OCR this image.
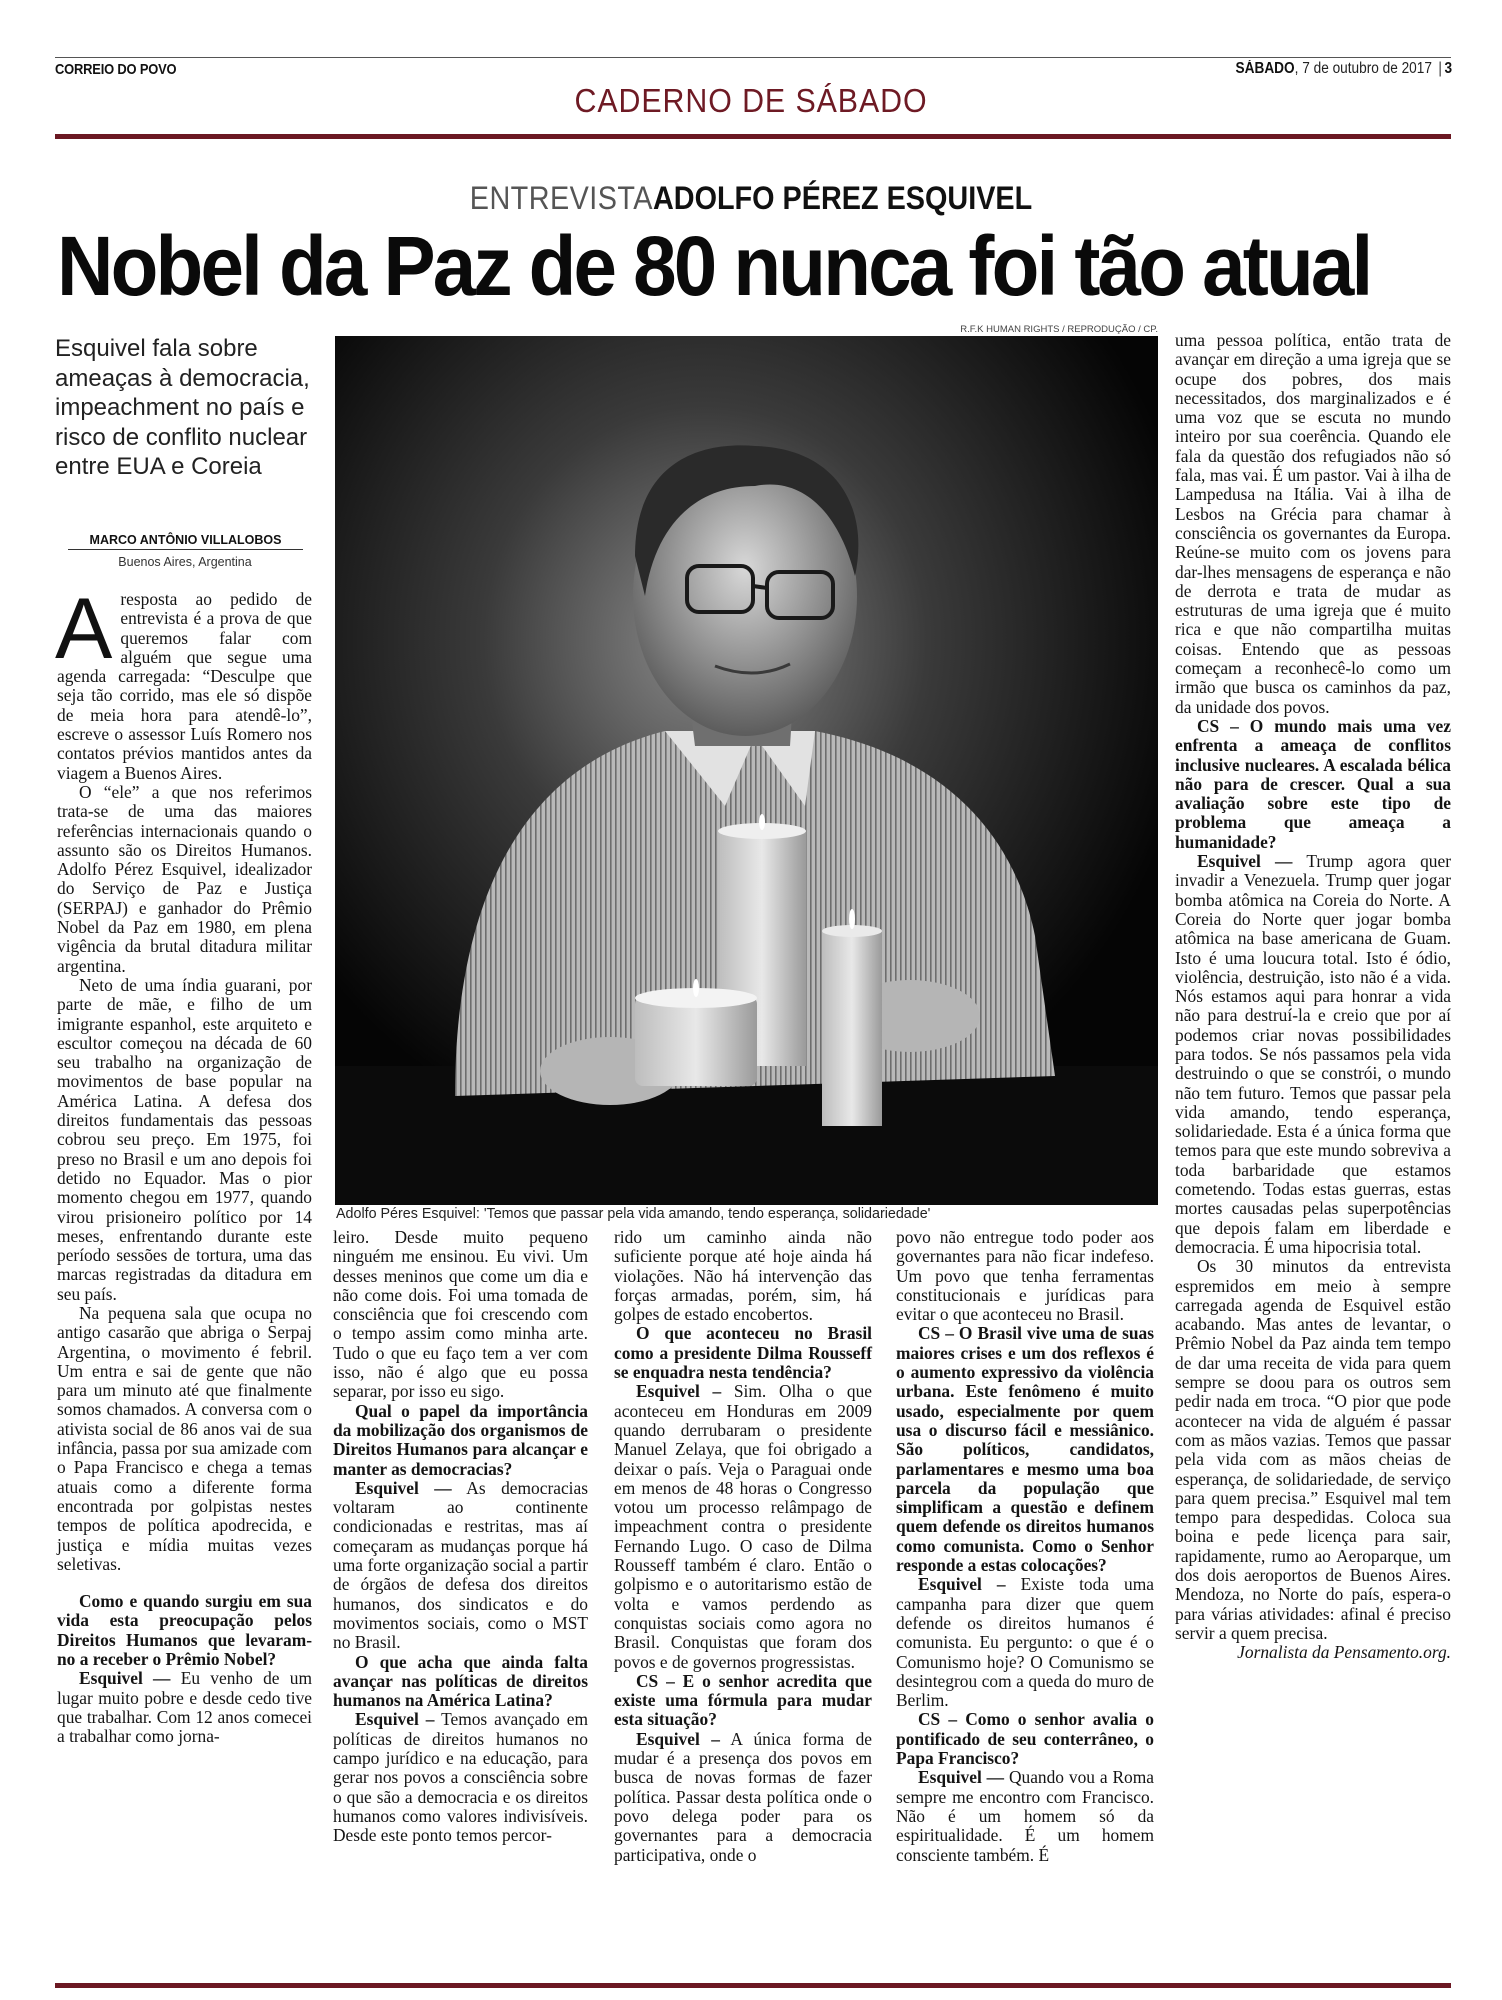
CORREIO DO POVO	SÁBADO, 7 de outubro de 2017 | 3
CADERNO DE SÁBADO
ENTREVISTAADOLFO PÉREZ ESQUIVEL
Nobel da Paz de 80 nunca foi tão atual
Esquivel fala sobre ameaças à democracia, impeachment no país e risco de conflito nuclear entre EUA e Coreia
MARCO ANTÔNIO VILLALOBOS
Buenos Aires, Argentina
R.F.K HUMAN RIGHTS / REPRODUÇÃO / CP.
Adolfo Péres Esquivel: 'Temos que passar pela vida amando, tendo esperança, solidariedade'

Aresposta ao pedido de entrevista é a prova de que queremos falar com alguém que segue uma agenda carregada: “Desculpe que seja tão corrido, mas ele só dispõe de meia hora para atendê-lo”, escreve o assessor Luís Romero nos contatos prévios mantidos antes da viagem a Buenos Aires.

O “ele” a que nos referimos trata-se de uma das maiores referências internacionais quando o assunto são os Direitos Humanos. Adolfo Pérez Esquivel, idealizador do Serviço de Paz e Justiça (SERPAJ) e ganhador do Prêmio Nobel da Paz em 1980, em plena vigência da brutal ditadura militar argentina.

Neto de uma índia guarani, por parte de mãe, e filho de um imigrante espanhol, este arquiteto e escultor começou na década de 60 seu trabalho na organização de movimentos de base popular na América Latina. A defesa dos direitos fundamentais das pessoas cobrou seu preço. Em 1975, foi preso no Brasil e um ano depois foi detido no Equador. Mas o pior momento chegou em 1977, quando virou prisioneiro político por 14 meses, enfrentando durante este período sessões de tortura, uma das marcas registradas da ditadura em seu país.

Na pequena sala que ocupa no antigo casarão que abriga o Serpaj Argentina, o movimento é febril. Um entra e sai de gente que não para um minuto até que finalmente somos chamados. A conversa com o ativista social de 86 anos vai de sua infância, passa por sua amizade com o Papa Francisco e chega a temas atuais como a diferente forma encontrada por golpistas nestes tempos de política apodrecida, e justiça e mídia muitas vezes seletivas.

Como e quando surgiu em sua vida esta preocupação pelos Direitos Humanos que levaram-no a receber o Prêmio Nobel?

Esquivel — Eu venho de um lugar muito pobre e desde cedo tive que trabalhar. Com 12 anos comecei a trabalhar como jorna-

leiro. Desde muito pequeno ninguém me ensinou. Eu vivi. Um desses meninos que come um dia e não come dois. Foi uma tomada de consciência que foi crescendo com o tempo assim como minha arte. Tudo o que eu faço tem a ver com isso, não é algo que eu possa separar, por isso eu sigo.

Qual o papel da importância da mobilização dos organismos de Direitos Humanos para alcançar e manter as democracias?

Esquivel — As democracias voltaram ao continente condicionadas e restritas, mas aí começaram as mudanças porque há uma forte organização social a partir de órgãos de defesa dos direitos humanos, dos sindicatos e do movimentos sociais, como o MST no Brasil.

O que acha que ainda falta avançar nas políticas de direitos humanos na América Latina?

Esquivel – Temos avançado em políticas de direitos humanos no campo jurídico e na educação, para gerar nos povos a consciência sobre o que são a democracia e os direitos humanos como valores indivisíveis. Desde este ponto temos percor-

rido um caminho ainda não suficiente porque até hoje ainda há violações. Não há intervenção das forças armadas, porém, sim, há golpes de estado encobertos.

O que aconteceu no Brasil como a presidente Dilma Rousseff se enquadra nesta tendência?

Esquivel – Sim. Olha o que aconteceu em Honduras em 2009 quando derrubaram o presidente Manuel Zelaya, que foi obrigado a deixar o país. Veja o Paraguai onde em menos de 48 horas o Congresso votou um processo relâmpago de impeachment contra o presidente Fernando Lugo. O caso de Dilma Rousseff também é claro. Então o golpismo e o autoritarismo estão de volta e vamos perdendo as conquistas sociais como agora no Brasil. Conquistas que foram dos povos e de governos progressistas.

CS – E o senhor acredita que existe uma fórmula para mudar esta situação?

Esquivel – A única forma de mudar é a presença dos povos em busca de novas formas de fazer política. Passar desta política onde o povo delega poder para os governantes para a democracia participativa, onde o

povo não entregue todo poder aos governantes para não ficar indefeso. Um povo que tenha ferramentas constitucionais e jurídicas para evitar o que aconteceu no Brasil.

CS – O Brasil vive uma de suas maiores crises e um dos reflexos é o aumento expressivo da violência urbana. Este fenômeno é muito usado, especialmente por quem usa o discurso fácil e messiânico. São políticos, candidatos, parlamentares e mesmo uma boa parcela da população que simplificam a questão e definem quem defende os direitos humanos como comunista. Como o Senhor responde a estas colocações?

Esquivel – Existe toda uma campanha para dizer que quem defende os direitos humanos é comunista. Eu pergunto: o que é o Comunismo hoje? O Comunismo se desintegrou com a queda do muro de Berlim.

CS – Como o senhor avalia o pontificado de seu conterrâneo, o Papa Francisco?

Esquivel — Quando vou a Roma sempre me encontro com Francisco. Não é um homem só da espiritualidade. É um homem consciente também. É

uma pessoa política, então trata de avançar em direção a uma igreja que se ocupe dos pobres, dos mais necessitados, dos marginalizados e é uma voz que se escuta no mundo inteiro por sua coerência. Quando ele fala da questão dos refugiados não só fala, mas vai. É um pastor. Vai à ilha de Lampedusa na Itália. Vai à ilha de Lesbos na Grécia para chamar à consciência os governantes da Europa. Reúne-se muito com os jovens para dar-lhes mensagens de esperança e não de derrota e trata de mudar as estruturas de uma igreja que é muito rica e que não compartilha muitas coisas. Entendo que as pessoas começam a reconhecê-lo como um irmão que busca os caminhos da paz, da unidade dos povos.

CS – O mundo mais uma vez enfrenta a ameaça de conflitos inclusive nucleares. A escalada bélica não para de crescer. Qual a sua avaliação sobre este tipo de problema que ameaça a humanidade?

Esquivel — Trump agora quer invadir a Venezuela. Trump quer jogar bomba atômica na Coreia do Norte. A Coreia do Norte quer jogar bomba atômica na base americana de Guam. Isto é uma loucura total. Isto é ódio, violência, destruição, isto não é a vida. Nós estamos aqui para honrar a vida não para destruí-la e creio que por aí podemos criar novas possibilidades para todos. Se nós passamos pela vida destruindo o que se constrói, o mundo não tem futuro. Temos que passar pela vida amando, tendo esperança, solidariedade. Esta é a única forma que temos para que este mundo sobreviva a toda barbaridade que estamos cometendo. Todas estas guerras, estas mortes causadas pelas superpotências que depois falam em liberdade e democracia. É uma hipocrisia total.

Os 30 minutos da entrevista espremidos em meio à sempre carregada agenda de Esquivel estão acabando. Mas antes de levantar, o Prêmio Nobel da Paz ainda tem tempo de dar uma receita de vida para quem sempre se doou para os outros sem pedir nada em troca. “O pior que pode acontecer na vida de alguém é passar com as mãos vazias. Temos que passar pela vida com as mãos cheias de esperança, de solidariedade, de serviço para quem precisa.” Esquivel mal tem tempo para despedidas. Coloca sua boina e pede licença para sair, rapidamente, rumo ao Aeroparque, um dos dois aeroportos de Buenos Aires. Mendoza, no Norte do país, espera-o para várias atividades: afinal é preciso servir a quem precisa.

Jornalista da Pensamento.org.
